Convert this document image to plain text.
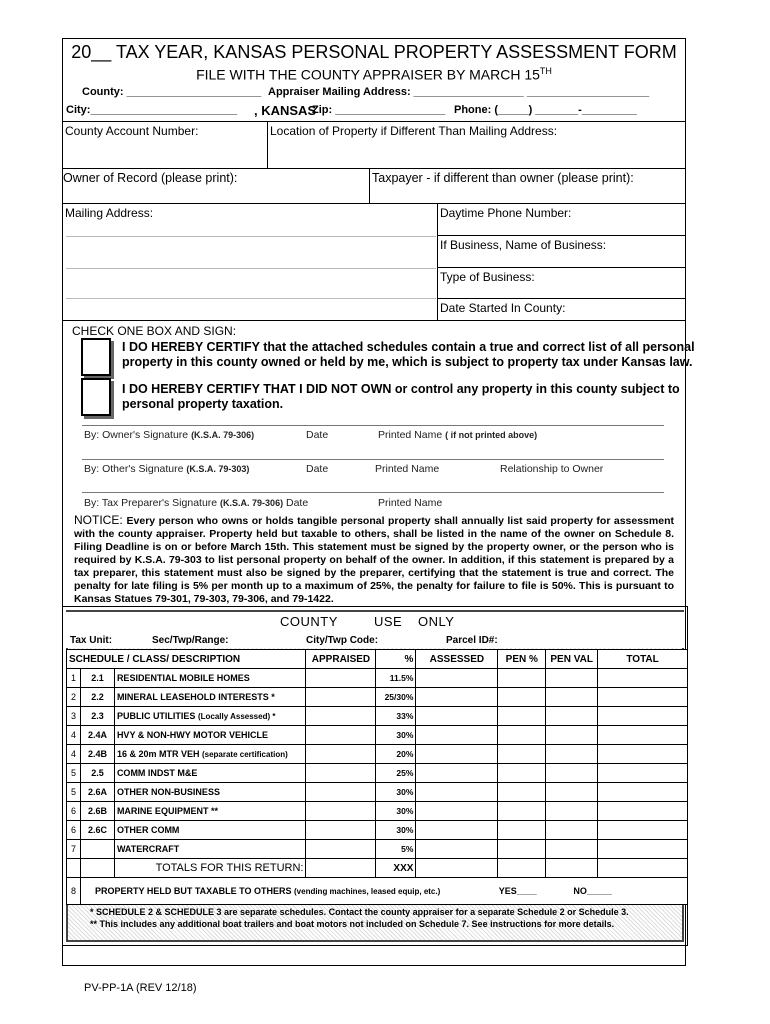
20__ TAX YEAR, KANSAS PERSONAL PROPERTY ASSESSMENT FORM
FILE WITH THE COUNTY APPRAISER BY MARCH 15TH
County: ______________________ Appraiser Mailing Address: __________________ ____________________
City:________________________ , KANSAS
Zip: __________________ Phone: (_____) _______-_________
County Account Number:	Location of Property if Different Than Mailing Address:
Owner of Record (please print):	Taxpayer - if different than owner (please print):
Mailing Address:	Daytime Phone Number:
If Business, Name of Business:
Type of Business:
Date Started In County:
CHECK ONE BOX AND SIGN:
I DO HEREBY CERTIFY that the attached schedules contain a true and correct list of all personal
property in this county owned or held by me, which is subject to property tax under Kansas law.
I DO HEREBY CERTIFY THAT I DID NOT OWN or control any property in this county subject to
personal property taxation.
By: Owner's Signature (K.S.A. 79-306)	Date	Printed Name ( if not printed above)
By: Other's Signature (K.S.A. 79-303)	Date	Printed Name	Relationship to Owner
By: Tax Preparer's Signature (K.S.A. 79-306) Date	Printed Name
NOTICE: Every person who owns or holds tangible personal property shall annually list said property for assessment with the county appraiser. Property held but taxable to others, shall be listed in the name of the owner on Schedule 8. Filing Deadline is on or before March 15th. This statement must be signed by the property owner, or the person who is required by K.S.A. 79-303 to list personal property on behalf of the owner. In addition, if this statement is prepared by a tax preparer, this statement must also be signed by the preparer, certifying that the statement is true and correct. The penalty for late filing is 5% per month up to a maximum of 25%, the penalty for failure to file is 50%. This is pursuant to Kansas Statues 79-301, 79-303, 79-306, and 79-1422.
COUNTY	USE ONLY
Tax Unit:	Sec/Twp/Range:	City/Twp Code:	Parcel ID#:
SCHEDULE / CLASS/ DESCRIPTION			APPRAISED	%	ASSESSED	PEN %	PEN VAL	TOTAL
1	2.1	RESIDENTIAL MOBILE HOMES		11.5%				
2	2.2	MINERAL LEASEHOLD INTERESTS *		25/30%				
3	2.3	PUBLIC UTILITIES (Locally Assessed) *		33%				
4	2.4A	HVY & NON-HWY MOTOR VEHICLE		30%				
4	2.4B	16 & 20m MTR VEH (separate certification)		20%				
5	2.5	COMM INDST M&E		25%				
5	2.6A	OTHER NON-BUSINESS		30%				
6	2.6B	MARINE EQUIPMENT **		30%				
6	2.6C	OTHER COMM		30%				
7		WATERCRAFT		5%				
		TOTALS FOR THIS RETURN:		XXX				
8	PROPERTY HELD BUT TAXABLE TO OTHERS (vending machines, leased equip, etc.) YES____ NO_____							
* SCHEDULE 2 & SCHEDULE 3 are separate schedules. Contact the county appraiser for a separate Schedule 2 or Schedule 3.
** This includes any additional boat trailers and boat motors not included on Schedule 7. See instructions for more details.
PV-PP-1A (REV 12/18)
